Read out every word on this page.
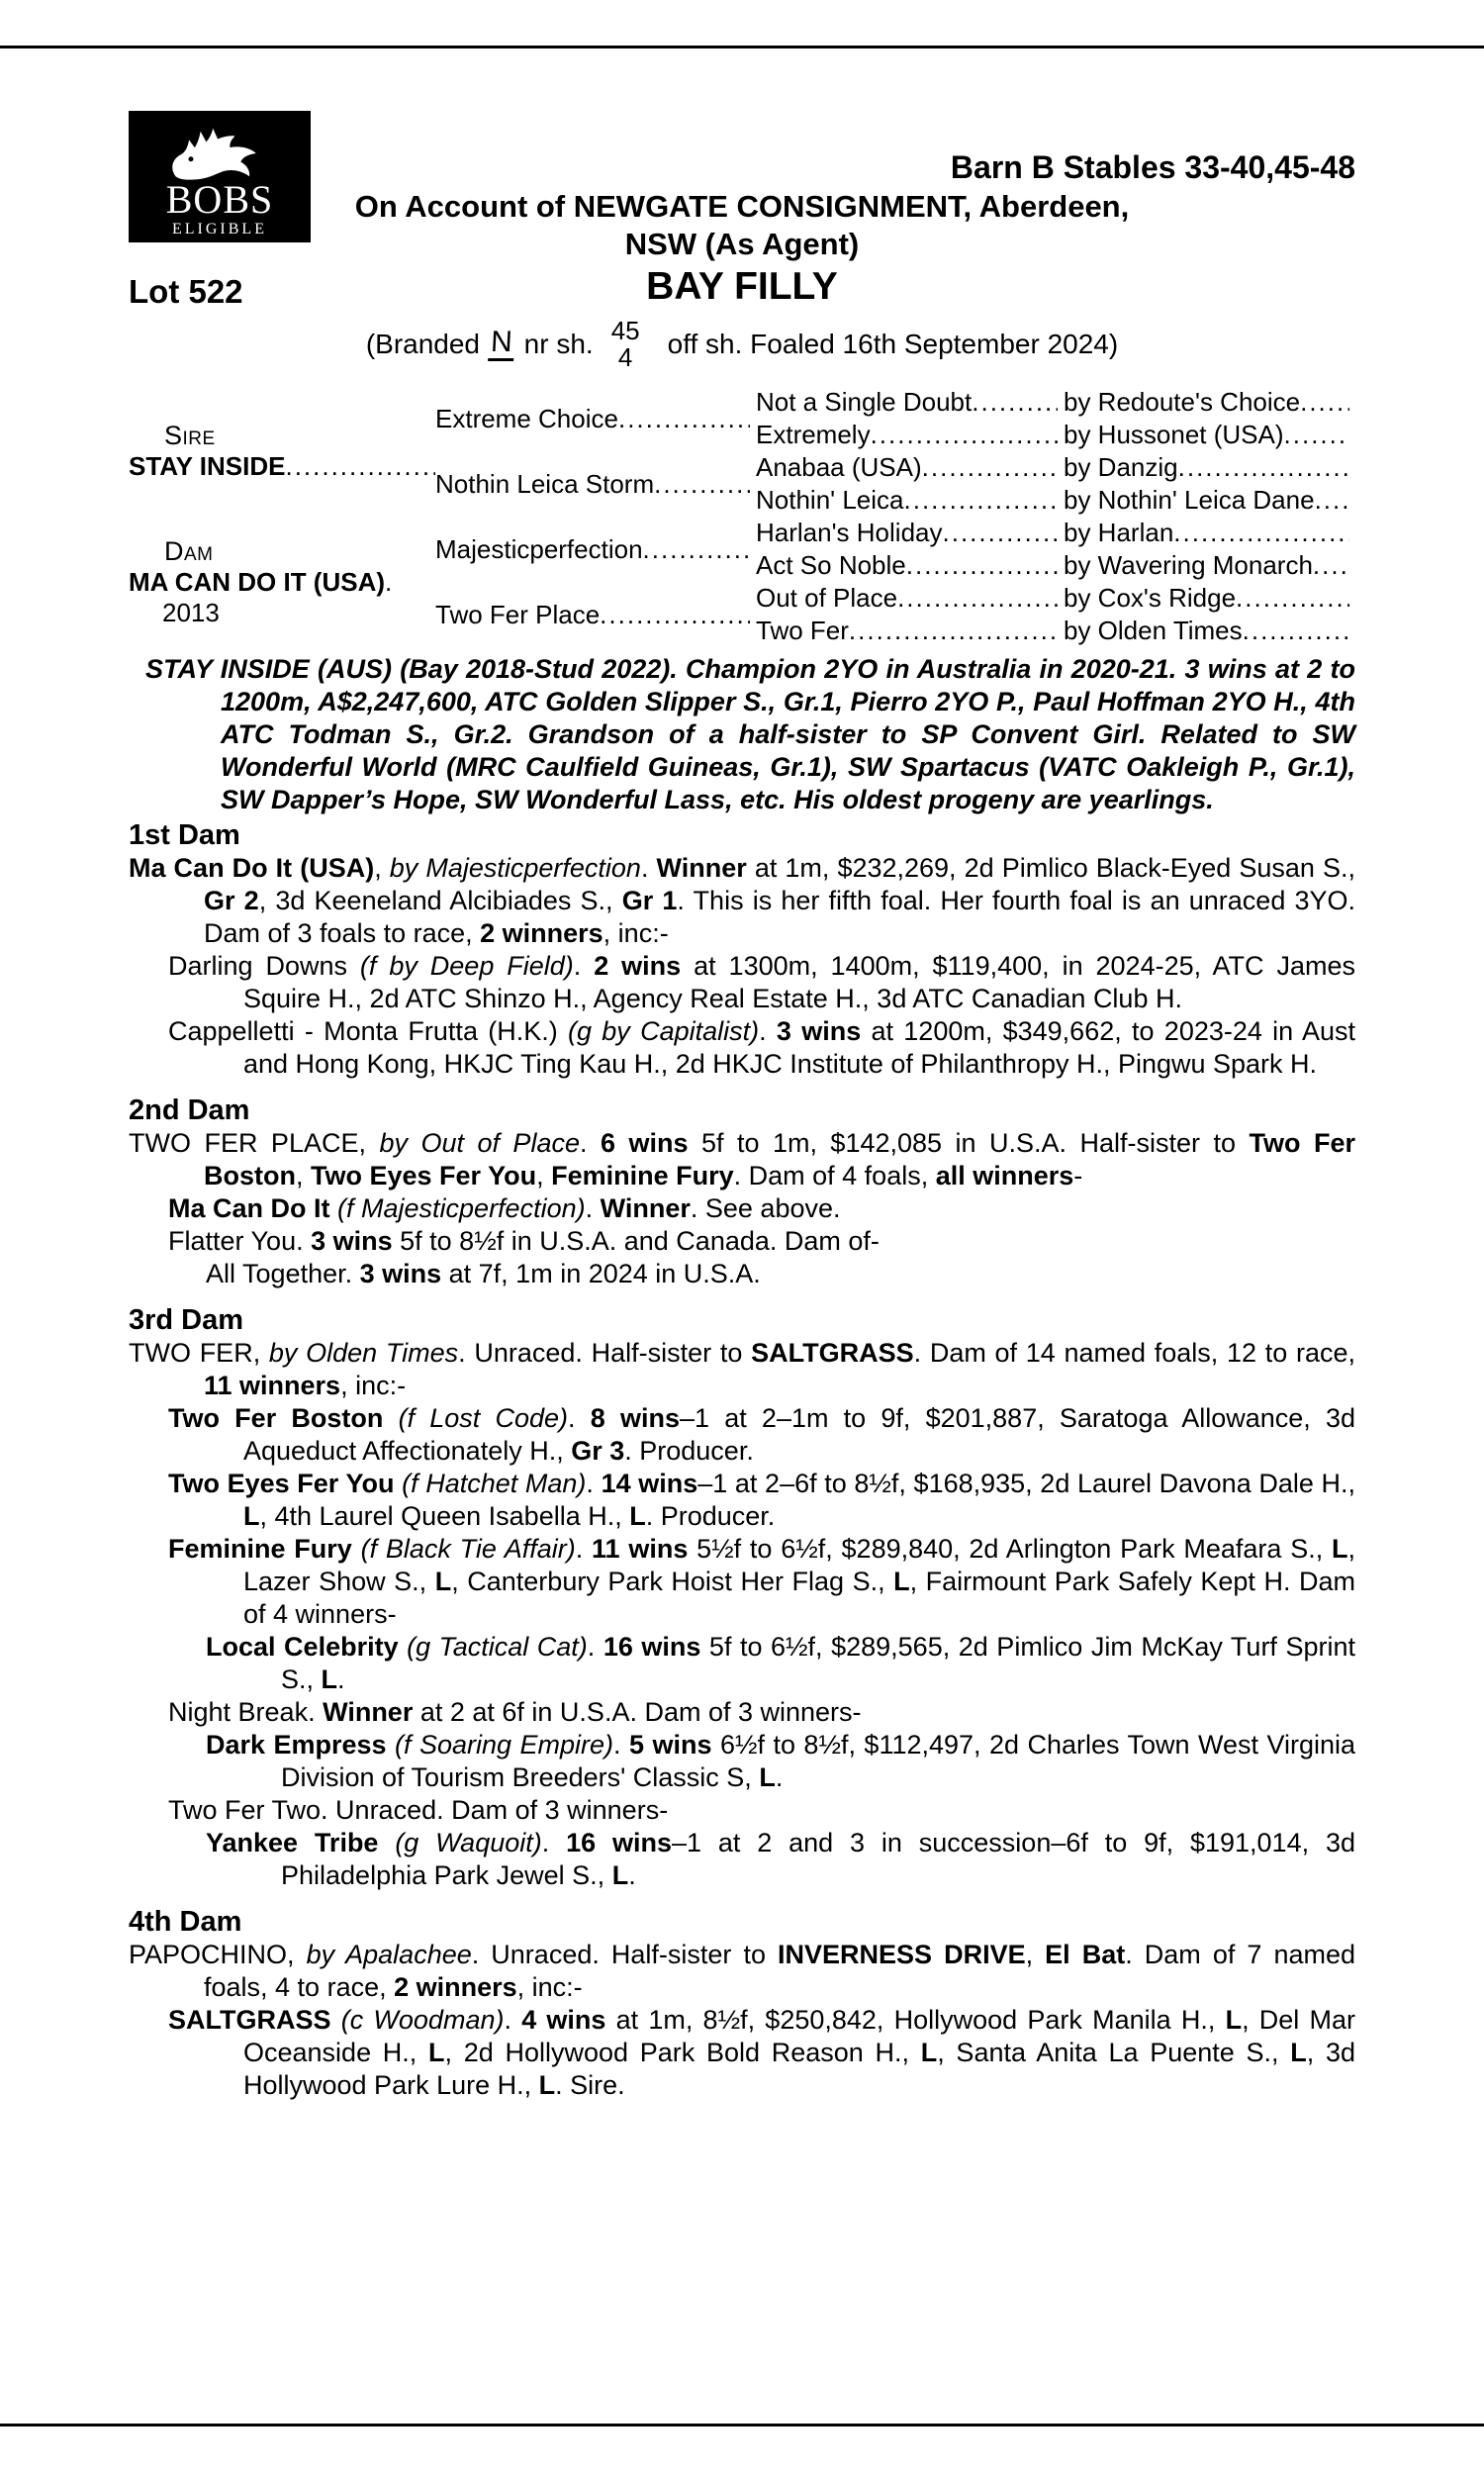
BOBS
ELIGIBLE
Barn B Stables 33-40,45-48
On Account of NEWGATE CONSIGNMENT, Aberdeen,
NSW (As Agent)
Lot 522	BAY FILLY
(Branded N nr sh. 45
4 off sh. Foaled 16th September 2024)
Sire
STAY INSIDE
.....
Dam
MA CAN DO IT (USA) .
2013
Extreme Choice
.....
Nothin Leica Storm
.....
Majesticperfection
.....
Two Fer Place
.....
Not a Single Doubt
.....
Extremely
.....
Anabaa (USA)
.....
Nothin' Leica
.....
Harlan's Holiday
.....
Act So Noble
.....
Out of Place
.....
Two Fer
.....
by Redoute's Choice
.....
by Hussonet (USA)
.....
by Danzig
.....
by Nothin' Leica Dane
.....
by Harlan
.....
by Wavering Monarch
.....
by Cox's Ridge
.....
by Olden Times
.....

STAY INSIDE (AUS) (Bay 2018-Stud 2022). Champion 2YO in Australia in 2020-21. 3 wins at 2 to 1200m, A$2,247,600, ATC Golden Slipper S., Gr.1, Pierro 2YO P., Paul Hoffman 2YO H., 4th ATC Todman S., Gr.2. Grandson of a half-sister to SP Convent Girl. Related to SW Wonderful World (MRC Caulfield Guineas, Gr.1), SW Spartacus (VATC Oakleigh P., Gr.1), SW Dapper’s Hope, SW Wonderful Lass, etc. His oldest progeny are yearlings.

1st Dam

Ma Can Do It (USA), by Majesticperfection. Winner at 1m, $232,269, 2d Pimlico Black-Eyed Susan S., Gr 2, 3d Keeneland Alcibiades S., Gr 1. This is her fifth foal. Her fourth foal is an unraced 3YO. Dam of 3 foals to race, 2 winners, inc:-

Darling Downs (f by Deep Field). 2 wins at 1300m, 1400m, $119,400, in 2024-25, ATC James Squire H., 2d ATC Shinzo H., Agency Real Estate H., 3d ATC Canadian Club H.

Cappelletti - Monta Frutta (H.K.) (g by Capitalist). 3 wins at 1200m, $349,662, to 2023-24 in Aust and Hong Kong, HKJC Ting Kau H., 2d HKJC Institute of Philanthropy H., Pingwu Spark H.

2nd Dam

TWO FER PLACE, by Out of Place. 6 wins 5f to 1m, $142,085 in U.S.A. Half-sister to Two Fer Boston, Two Eyes Fer You, Feminine Fury. Dam of 4 foals, all winners-

Ma Can Do It (f Majesticperfection). Winner. See above.

Flatter You. 3 wins 5f to 8½f in U.S.A. and Canada. Dam of-

All Together. 3 wins at 7f, 1m in 2024 in U.S.A.

3rd Dam

TWO FER, by Olden Times. Unraced. Half-sister to SALTGRASS. Dam of 14 named foals, 12 to race, 11 winners, inc:-

Two Fer Boston (f Lost Code). 8 wins–1 at 2–1m to 9f, $201,887, Saratoga Allowance, 3d Aqueduct Affectionately H., Gr 3. Producer.

Two Eyes Fer You (f Hatchet Man). 14 wins–1 at 2–6f to 8½f, $168,935, 2d Laurel Davona Dale H., L, 4th Laurel Queen Isabella H., L. Producer.

Feminine Fury (f Black Tie Affair). 11 wins 5½f to 6½f, $289,840, 2d Arlington Park Meafara S., L, Lazer Show S., L, Canterbury Park Hoist Her Flag S., L, Fairmount Park Safely Kept H. Dam of 4 winners-

Local Celebrity (g Tactical Cat). 16 wins 5f to 6½f, $289,565, 2d Pimlico Jim McKay Turf Sprint S., L.

Night Break. Winner at 2 at 6f in U.S.A. Dam of 3 winners-

Dark Empress (f Soaring Empire). 5 wins 6½f to 8½f, $112,497, 2d Charles Town West Virginia Division of Tourism Breeders' Classic S, L.

Two Fer Two. Unraced. Dam of 3 winners-

Yankee Tribe (g Waquoit). 16 wins–1 at 2 and 3 in succession–6f to 9f, $191,014, 3d Philadelphia Park Jewel S., L.

4th Dam

PAPOCHINO, by Apalachee. Unraced. Half-sister to INVERNESS DRIVE, El Bat. Dam of 7 named foals, 4 to race, 2 winners, inc:-

SALTGRASS (c Woodman). 4 wins at 1m, 8½f, $250,842, Hollywood Park Manila H., L, Del Mar Oceanside H., L, 2d Hollywood Park Bold Reason H., L, Santa Anita La Puente S., L, 3d Hollywood Park Lure H., L. Sire.
